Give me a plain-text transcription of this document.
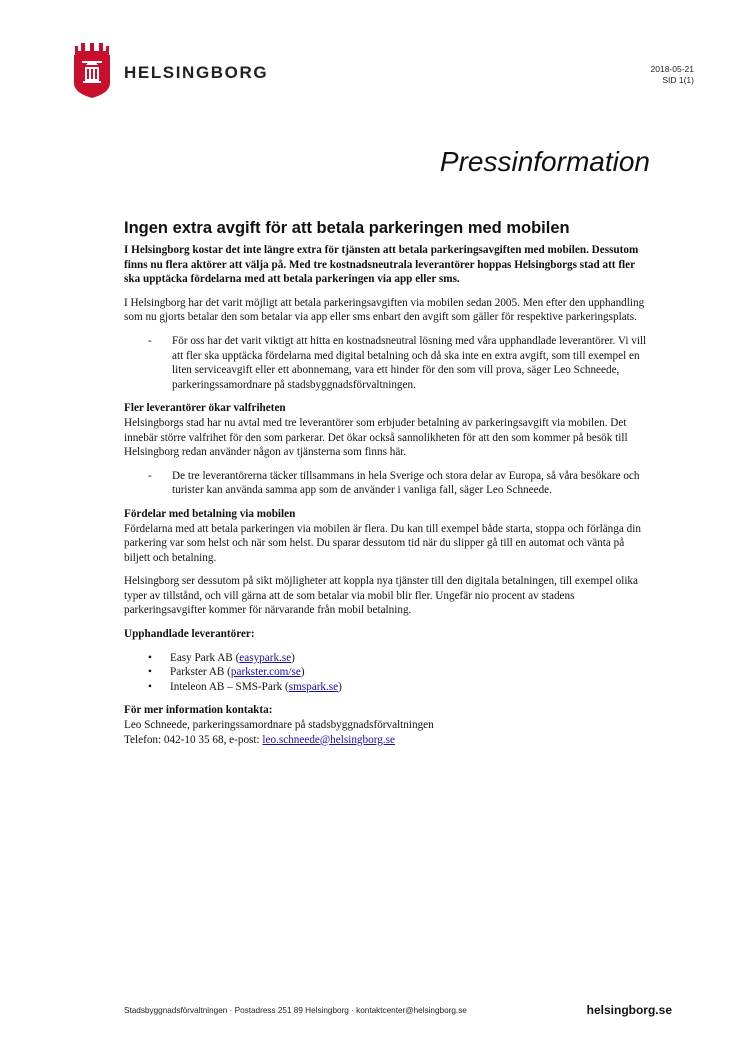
HELSINGBORG	2018-05-21
SID 1(1)
Pressinformation
Ingen extra avgift för att betala parkeringen med mobilen

I Helsingborg kostar det inte längre extra för tjänsten att betala parkeringsavgiften med mobilen. Dessutom finns nu flera aktörer att välja på. Med tre kostnadsneutrala leverantörer hoppas Helsingborgs stad att fler ska upptäcka fördelarna med att betala parkeringen via app eller sms.

I Helsingborg har det varit möjligt att betala parkeringsavgiften via mobilen sedan 2005. Men efter den upphandling som nu gjorts betalar den som betalar via app eller sms enbart den avgift som gäller för respektive parkeringsplats.

-	För oss har det varit viktigt att hitta en kostnadsneutral lösning med våra upphandlade leverantörer. Vi vill att fler ska upptäcka fördelarna med digital betalning och då ska inte en extra avgift, som till exempel en liten serviceavgift eller ett abonnemang, vara ett hinder för den som vill prova, säger Leo Schneede, parkeringssamordnare på stadsbyggnadsförvaltningen.

Fler leverantörer ökar valfriheten

Helsingborgs stad har nu avtal med tre leverantörer som erbjuder betalning av parkeringsavgift via mobilen. Det innebär större valfrihet för den som parkerar. Det ökar också sannolikheten för att den som kommer på besök till Helsingborg redan använder någon av tjänsterna som finns här.

-	De tre leverantörerna täcker tillsammans in hela Sverige och stora delar av Europa, så våra besökare och turister kan använda samma app som de använder i vanliga fall, säger Leo Schneede.

Fördelar med betalning via mobilen

Fördelarna med att betala parkeringen via mobilen är flera. Du kan till exempel både starta, stoppa och förlänga din parkering var som helst och när som helst. Du sparar dessutom tid när du slipper gå till en automat och vänta på biljett och betalning.

Helsingborg ser dessutom på sikt möjligheter att koppla nya tjänster till den digitala betalningen, till exempel olika typer av tillstånd, och vill gärna att de som betalar via mobil blir fler. Ungefär nio procent av stadens parkeringsavgifter kommer för närvarande från mobil betalning.

Upphandlade leverantörer:

• Easy Park AB (easypark.se)
• Parkster AB (parkster.com/se)
• Inteleon AB – SMS-Park (smspark.se)

För mer information kontakta:

Leo Schneede, parkeringssamordnare på stadsbyggnadsförvaltningen
Telefon: 042-10 35 68, e-post: leo.schneede@helsingborg.se
Stadsbyggnadsförvaltningen · Postadress 251 89 Helsingborg · kontaktcenter@helsingborg.se	helsingborg.se
